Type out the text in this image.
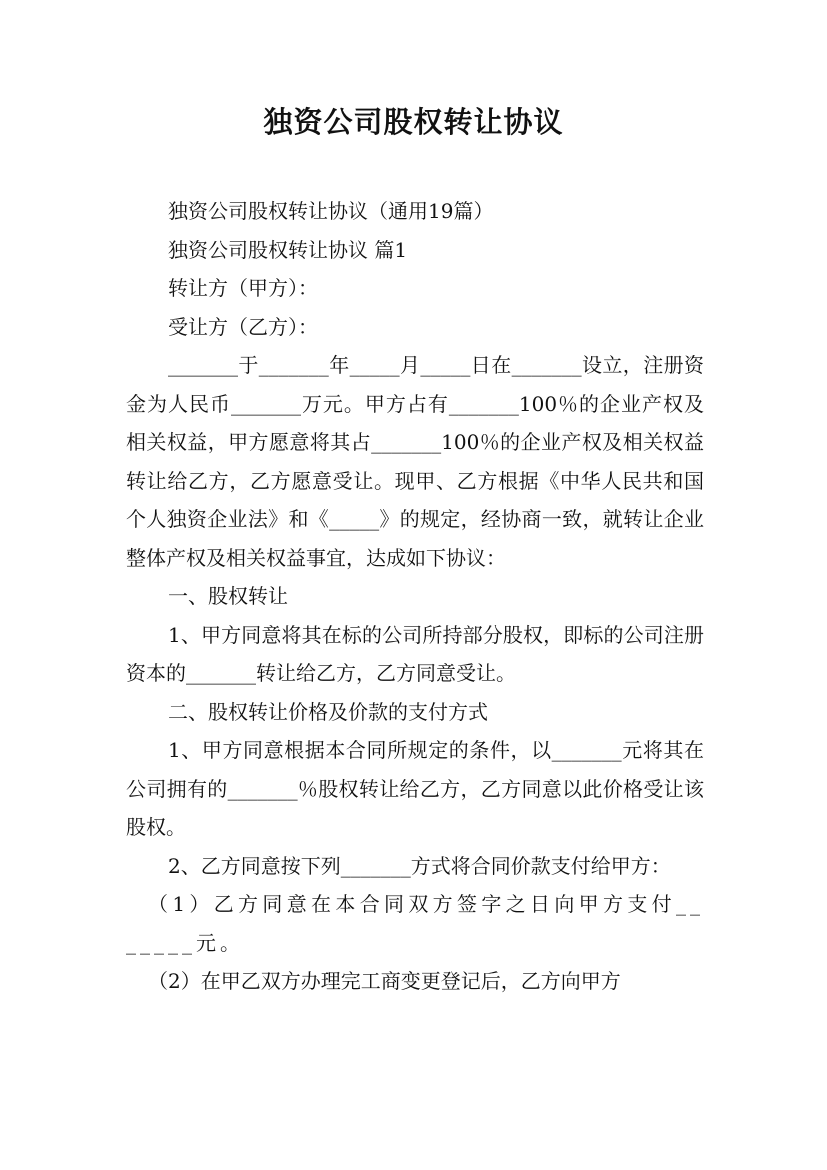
独资公司股权转让协议

独资公司股权转让协议（通用19篇）

独资公司股权转让协议 篇1

转让方（甲方）：

受让方（乙方）：

_______于_______年_____月_____日在_______设立，注册资金为人民币_______万元。甲方占有_______100％的企业产权及相关权益，甲方愿意将其占_______100％的企业产权及相关权益转让给乙方，乙方愿意受让。现甲、乙方根据《中华人民共和国个人独资企业法》和《_____》的规定，经协商一致，就转让企业整体产权及相关权益事宜，达成如下协议：

一、股权转让

1、甲方同意将其在标的公司所持部分股权，即标的公司注册资本的_______转让给乙方，乙方同意受让。

二、股权转让价格及价款的支付方式

1、甲方同意根据本合同所规定的条件，以_______元将其在公司拥有的_______％股权转让给乙方，乙方同意以此价格受让该股权。

2、乙方同意按下列_______方式将合同价款支付给甲方：

（1）乙方同意在本合同双方签字之日向甲方支付_______元。

（2）在甲乙双方办理完工商变更登记后，乙方向甲方
